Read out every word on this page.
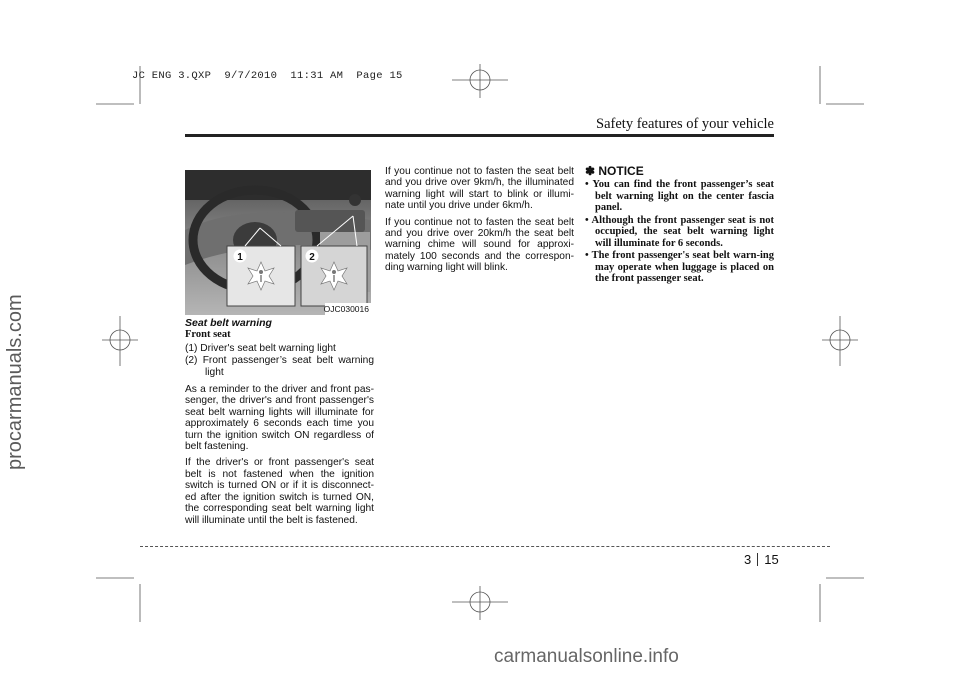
JC ENG 3.QXP  9/7/2010  11:31 AM  Page 15
procarmanuals.com
Safety features of your vehicle
1	2
OJC030016
Seat belt warning
Front seat
(1) Driver's seat belt warning light
(2) Front passenger’s seat belt warning light

As a reminder to the driver and front pas-senger, the driver's and front passenger's seat belt warning lights will illuminate for approximately 6 seconds each time you turn the ignition switch ON regardless of belt fastening.

If the driver's or front passenger's seat belt is not fastened when the ignition switch is turned ON or if it is disconnect-ed after the ignition switch is turned ON, the corresponding seat belt warning light will illuminate until the belt is fastened.

If you continue not to fasten the seat belt and you drive over 9km/h, the illuminated warning light will start to blink or illumi-nate until you drive under 6km/h.

If you continue not to fasten the seat belt and you drive over 20km/h the seat belt warning chime will sound for approxi-mately 100 seconds and the correspon-ding warning light will blink.

✽ NOTICE
• You can find the front passenger’s seat belt warning light on the center fascia panel.
• Although the front passenger seat is not occupied, the seat belt warning light will illuminate for 6 seconds.
• The front passenger's seat belt warn-ing may operate when luggage is placed on the front passenger seat.
3 15
carmanualsonline.info
